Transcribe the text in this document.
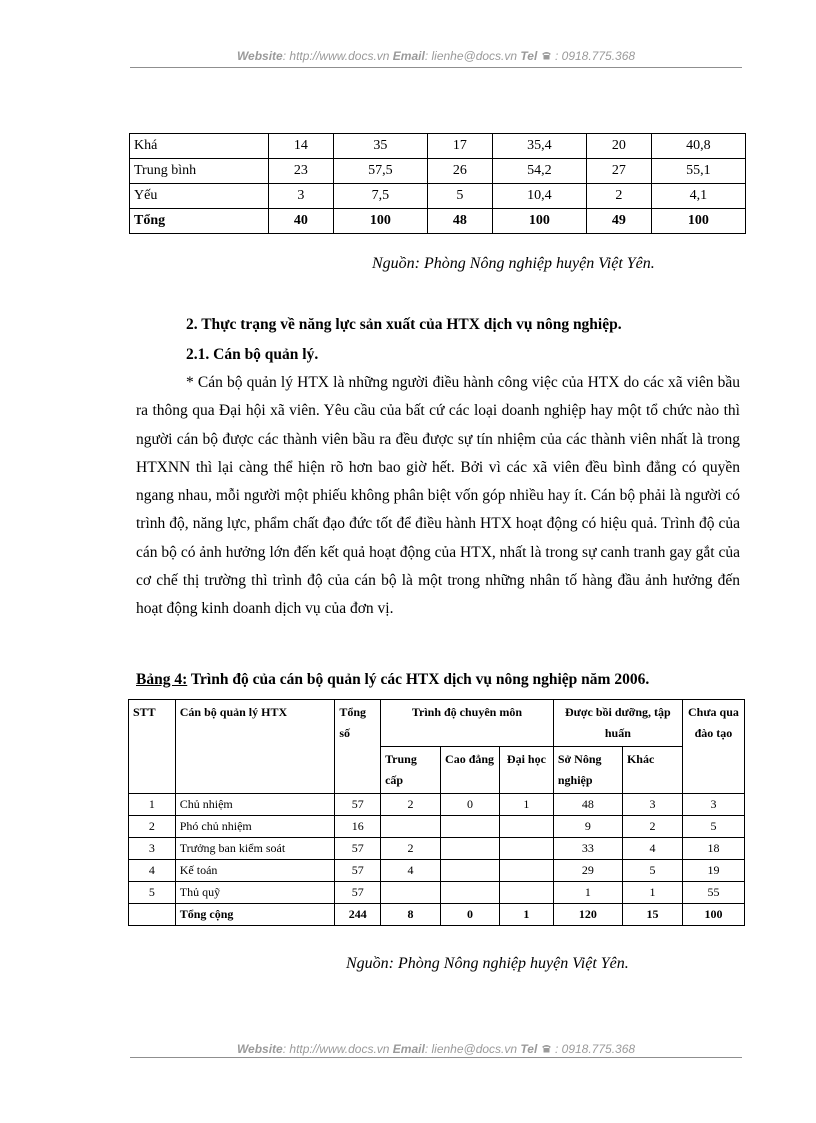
Website: http://www.docs.vn Email: lienhe@docs.vn Tel : 0918.775.368
Khá	14	35	17	35,4	20	40,8
Trung bình	23	57,5	26	54,2	27	55,1
Yếu	3	7,5	5	10,4	2	4,1
Tổng	40	100	48	100	49	100
Nguồn: Phòng Nông nghiệp huyện Việt Yên.
2. Thực trạng về năng lực sản xuất của HTX dịch vụ nông nghiệp.
2.1. Cán bộ quản lý.

* Cán bộ quản lý HTX là những người điều hành công việc của HTX do các xã viên bầu ra thông qua Đại hội xã viên. Yêu cầu của bất cứ các loại doanh nghiệp hay một tổ chức nào thì người cán bộ được các thành viên bầu ra đều được sự tín nhiệm của các thành viên nhất là trong HTXNN thì lại càng thể hiện rõ hơn bao giờ hết. Bởi vì các xã viên đều bình đẳng có quyền ngang nhau, mỗi người một phiếu không phân biệt vốn góp nhiều hay ít. Cán bộ phải là người có trình độ, năng lực, phẩm chất đạo đức tốt để điều hành HTX hoạt động có hiệu quả. Trình độ của cán bộ có ảnh hưởng lớn đến kết quả hoạt động của HTX, nhất là trong sự canh tranh gay gắt của cơ chế thị trường thì trình độ của cán bộ là một trong những nhân tố hàng đầu ảnh hưởng đến hoạt động kinh doanh dịch vụ của đơn vị.

Bảng 4: Trình độ của cán bộ quản lý các HTX dịch vụ nông nghiệp năm 2006.
STT	Cán bộ quản lý HTX	Tổng số	Trình độ chuyên môn			Được bồi dưỡng, tập huấn		Chưa qua đào tạo
			Trung cấp	Cao đẳng	Đại học	Sở Nông nghiệp	Khác	
1	Chủ nhiệm	57	2	0	1	48	3	3
2	Phó chủ nhiệm	16				9	2	5
3	Trưởng ban kiểm soát	57	2			33	4	18
4	Kế toán	57	4			29	5	19
5	Thủ quỹ	57				1	1	55
	Tổng cộng	244	8	0	1	120	15	100
Nguồn: Phòng Nông nghiệp huyện Việt Yên.
Website: http://www.docs.vn Email: lienhe@docs.vn Tel : 0918.775.368
